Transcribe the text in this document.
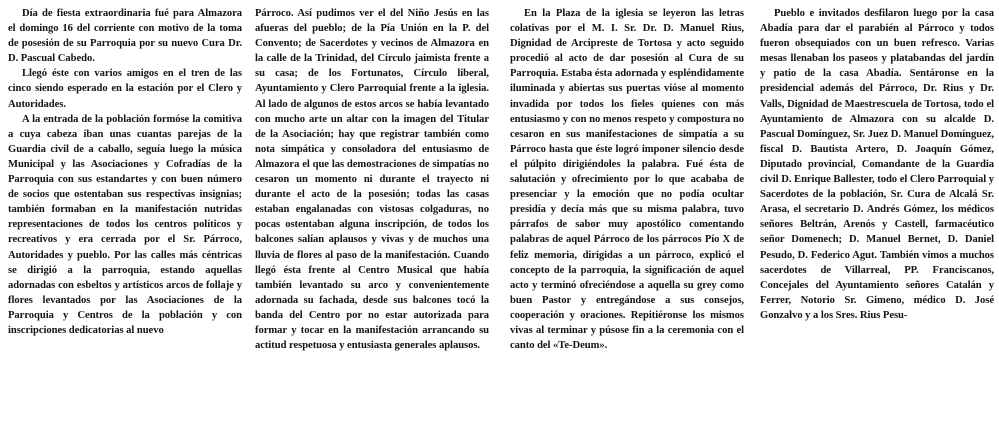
Día de fiesta extraordinaria fué para Almazora el domingo 16 del corriente con motivo de la toma de posesión de su Parroquia por su nuevo Cura Dr. D. Pascual Cabedo.

Llegó éste con varios amigos en el tren de las cinco siendo esperado en la estación por el Clero y Autoridades.

A la entrada de la población formóse la comitiva a cuya cabeza iban unas cuantas parejas de la Guardia civil de a caballo, seguía luego la música Municipal y las Asociaciones y Cofradías de la Parroquia con sus estandartes y con buen número de socios que ostentaban sus respectivas insignias; también formaban en la manifestación nutridas representaciones de todos los centros políticos y recreativos y era cerrada por el Sr. Párroco, Autoridades y pueblo. Por las calles más céntricas se dirigió a la parroquia, estando aquellas adornadas con esbeltos y artísticos arcos de follaje y flores levantados por las Asociaciones de la Parroquia y Centros de la población y con inscripciones dedicatorias al nuevo

Párroco. Así pudimos ver el del Niño Jesús en las afueras del pueblo; de la Pía Unión en la P. del Convento; de Sacerdotes y vecinos de Almazora en la calle de la Trinidad, del Círculo jaimista frente a su casa; de los Fortunatos, Círculo liberal, Ayuntamiento y Clero Parroquial frente a la iglesia. Al lado de algunos de estos arcos se había levantado con mucho arte un altar con la imagen del Titular de la Asociación; hay que registrar también como nota simpática y consoladora del entusiasmo de Almazora el que las demostraciones de simpatías no cesaron un momento ni durante el trayecto ni durante el acto de la posesión; todas las casas estaban engalanadas con vistosas colgaduras, no pocas ostentaban alguna inscripción, de todos los balcones salían aplausos y vivas y de muchos una lluvia de flores al paso de la manifestación. Cuando llegó ésta frente al Centro Musical que había también levantado su arco y convenientemente adornada su fachada, desde sus balcones tocó la banda del Centro por no estar autorizada para formar y tocar en la manifestación arrancando su actitud respetuosa y entusiasta generales aplausos.

En la Plaza de la iglesia se leyeron las letras colativas por el M. I. Sr. Dr. D. Manuel Rius, Dignidad de Arcipreste de Tortosa y acto seguido procedió al acto de dar posesión al Cura de su Parroquia. Estaba ésta adornada y espléndidamente iluminada y abiertas sus puertas vióse al momento invadida por todos los fieles quienes con más entusiasmo y con no menos respeto y compostura no cesaron en sus manifestaciones de simpatía a su Párroco hasta que éste logró imponer silencio desde el púlpito dirigiéndoles la palabra. Fué ésta de salutación y ofrecimiento por lo que acababa de presenciar y la emoción que no podía ocultar presidía y decía más que su misma palabra, tuvo párrafos de sabor muy apostólico comentando palabras de aquel Párroco de los párrocos Pío X de feliz memoria, dirigidas a un párroco, explicó el concepto de la parroquia, la significación de aquel acto y terminó ofreciéndose a aquella su grey como buen Pastor y entregándose a sus consejos, cooperación y oraciones. Repitiéronse los mismos vivas al terminar y púsose fin a la ceremonia con el canto del «Te-Deum».

Pueblo e invitados desfilaron luego por la casa Abadía para dar el parabién al Párroco y todos fueron obsequiados con un buen refresco. Varias mesas llenaban los paseos y platabandas del jardín y patio de la casa Abadía. Sentáronse en la presidencial además del Párroco, Dr. Rius y Dr. Valls, Dignidad de Maestrescuela de Tortosa, todo el Ayuntamiento de Almazora con su alcalde D. Pascual Domínguez, Sr. Juez D. Manuel Domínguez, fiscal D. Bautista Artero, D. Joaquín Gómez, Diputado provincial, Comandante de la Guardia civil D. Enrique Ballester, todo el Clero Parroquial y Sacerdotes de la población, Sr. Cura de Alcalá Sr. Arasa, el secretario D. Andrés Gómez, los médicos señores Beltrán, Arenós y Castell, farmacéutico señor Domenech; D. Manuel Bernet, D. Daniel Pesudo, D. Federico Agut. También vimos a muchos sacerdotes de Villarreal, PP. Franciscanos, Concejales del Ayuntamiento señores Catalán y Ferrer, Notorio Sr. Gimeno, médico D. José Gonzalvo y a los Sres. Rius Pesu-
